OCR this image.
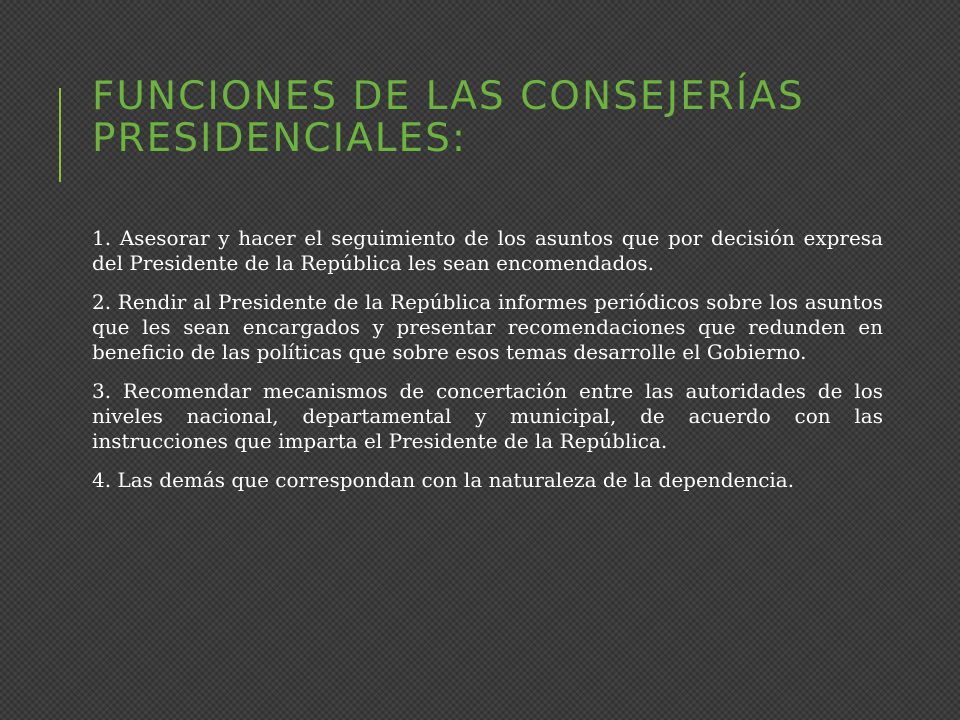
FUNCIONES DE LAS CONSEJERÍAS PRESIDENCIALES:

1. Asesorar y hacer el seguimiento de los asuntos que por decisión expresa del Presidente de la República les sean encomendados.

2. Rendir al Presidente de la República informes periódicos sobre los asuntos que les sean encargados y presentar recomendaciones que redunden en beneficio de las políticas que sobre esos temas desarrolle el Gobierno.

3. Recomendar mecanismos de concertación entre las autoridades de los niveles nacional, departamental y municipal, de acuerdo con las instrucciones que imparta el Presidente de la República.

4. Las demás que correspondan con la naturaleza de la dependencia.
